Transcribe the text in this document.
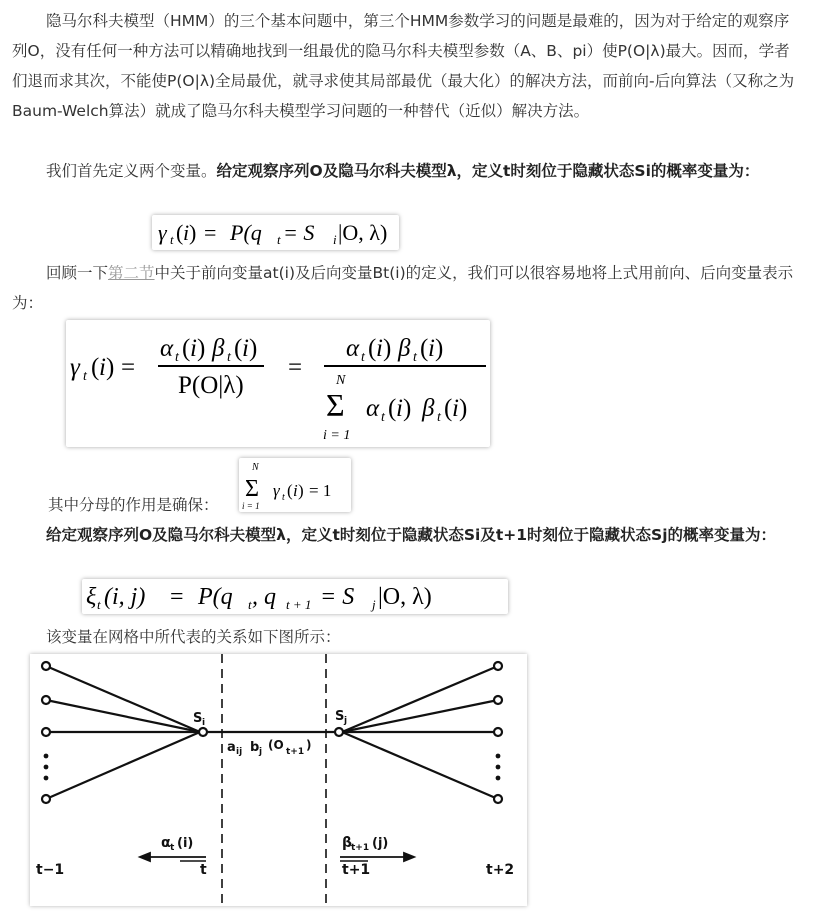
隐马尔科夫模型（HMM）的三个基本问题中，第三个HMM参数学习的问题是最难的，因为对于给定的观察序列O，没有任何一种方法可以精确地找到一组最优的隐马尔科夫模型参数（A、B、pi）使P(O|λ)最大。因而，学者们退而求其次，不能使P(O|λ)全局最优，就寻求使其局部最优（最大化）的解决方法，而前向-后向算法（又称之为Baum-Welch算法）就成了隐马尔科夫模型学习问题的一种替代（近似）解决方法。

我们首先定义两个变量。给定观察序列O及隐马尔科夫模型λ，定义t时刻位于隐藏状态Si的概率变量为：

γ t ( i ) = P(q t = S i |O, λ)

回顾一下第二节中关于前向变量at(i)及后向变量Bt(i)的定义，我们可以很容易地将上式用前向、后向变量表示为：

γ t ( i ) =
α t ( i ) β t ( i )
P(O|λ)
=
α t ( i ) β t ( i )
N
Σ
i = 1
α t ( i ) β t ( i )

其中分母的作用是确保：

N
Σ
i = 1
γ t ( i ) = 1

给定观察序列O及隐马尔科夫模型λ，定义t时刻位于隐藏状态Si及t+1时刻位于隐藏状态Sj的概率变量为：

ξ t (i, j) = P(q t , q t + 1 = S j |O, λ)

该变量在网格中所代表的关系如下图所示：

S i	S j
a ij b j (O t+1 )
α t (i)	β
t+1 (j)
t−1	t	t+1	t+2
